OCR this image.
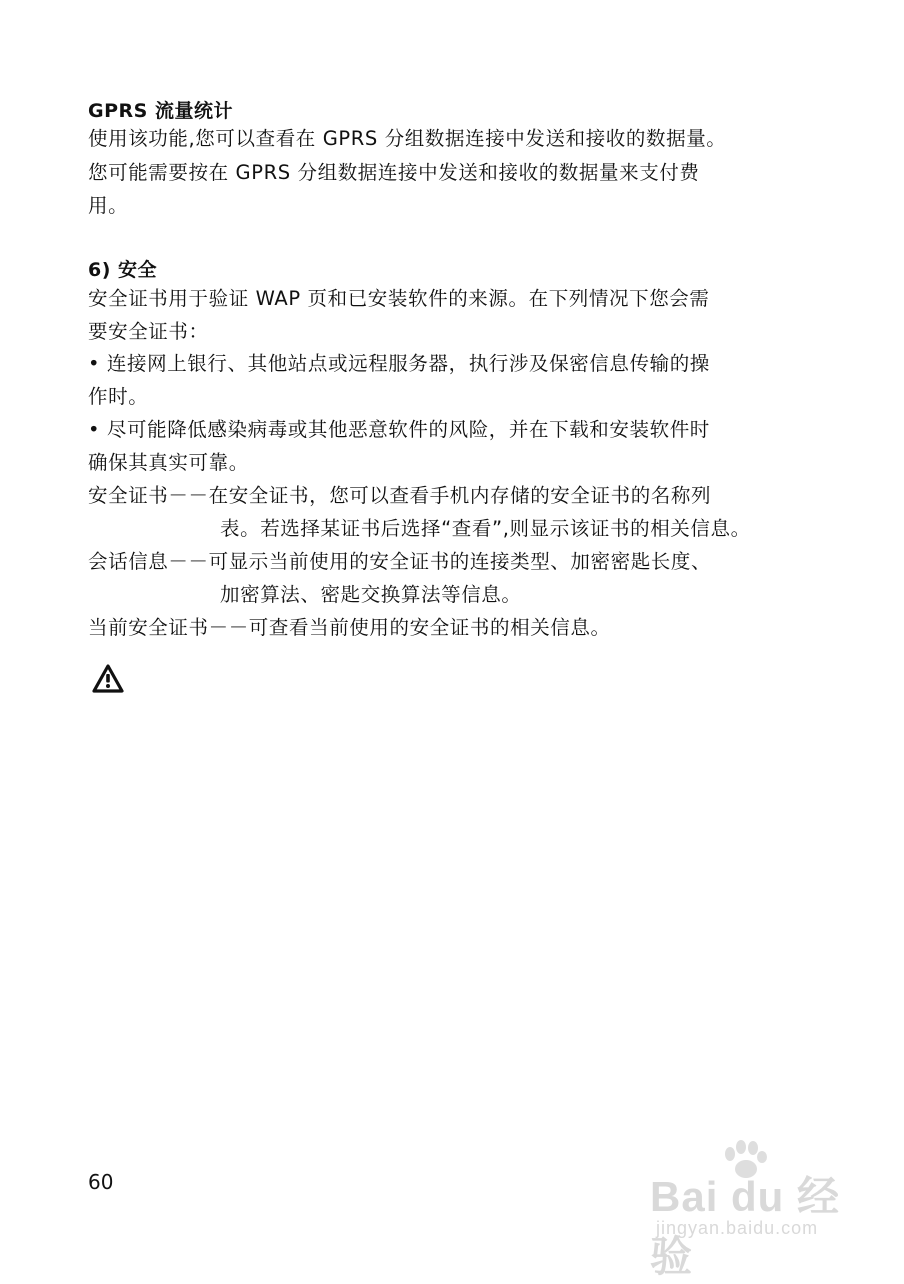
GPRS 流量统计
使用该功能,您可以查看在 GPRS 分组数据连接中发送和接收的数据量。
您可能需要按在 GPRS 分组数据连接中发送和接收的数据量来支付费
用。
6) 安全
安全证书用于验证 WAP 页和已安装软件的来源。在下列情况下您会需
要安全证书：
• 连接网上银行、其他站点或远程服务器，执行涉及保密信息传输的操
作时。
• 尽可能降低感染病毒或其他恶意软件的风险，并在下载和安装软件时
确保其真实可靠。
安全证书－－在安全证书，您可以查看手机内存储的安全证书的名称列
表。若选择某证书后选择“查看”,则显示该证书的相关信息。
会话信息－－可显示当前使用的安全证书的连接类型、加密密匙长度、
加密算法、密匙交换算法等信息。
当前安全证书－－可查看当前使用的安全证书的相关信息。
60	Bai du 经验
jingyan.baidu.com
